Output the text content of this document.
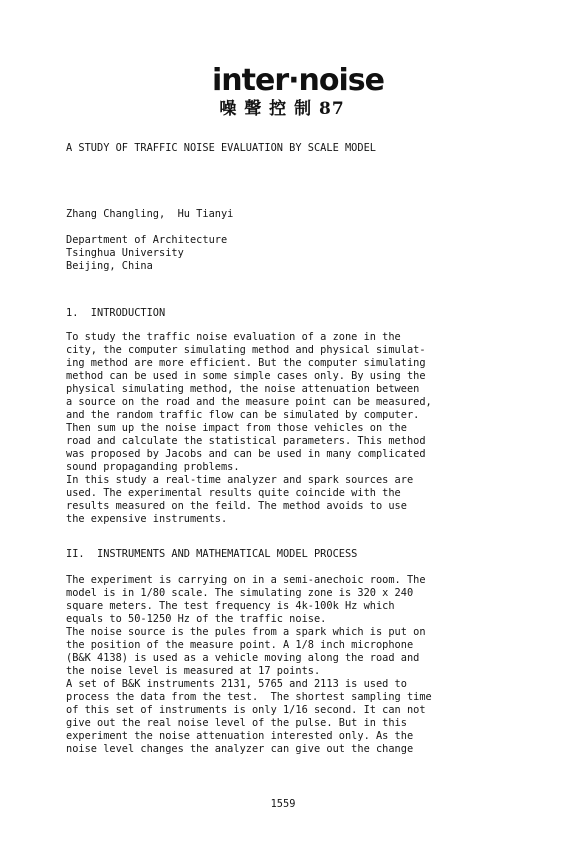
inter·noise
噪 聲 控 制 87
A STUDY OF TRAFFIC NOISE EVALUATION BY SCALE MODEL
Zhang Changling,  Hu Tianyi
Department of Architecture
Tsinghua University
Beijing, China
1.  INTRODUCTION
To study the traffic noise evaluation of a zone in the
city, the computer simulating method and physical simulat-
ing method are more efficient. But the computer simulating
method can be used in some simple cases only. By using the
physical simulating method, the noise attenuation between
a source on the road and the measure point can be measured,
and the random traffic flow can be simulated by computer.
Then sum up the noise impact from those vehicles on the
road and calculate the statistical parameters. This method
was proposed by Jacobs and can be used in many complicated
sound propaganding problems.
In this study a real-time analyzer and spark sources are
used. The experimental results quite coincide with the
results measured on the feild. The method avoids to use
the expensive instruments.
II.  INSTRUMENTS AND MATHEMATICAL MODEL PROCESS
The experiment is carrying on in a semi-anechoic room. The
model is in 1/80 scale. The simulating zone is 320 x 240
square meters. The test frequency is 4k-100k Hz which
equals to 50-1250 Hz of the traffic noise.
The noise source is the pules from a spark which is put on
the position of the measure point. A 1/8 inch microphone
(B&K 4138) is used as a vehicle moving along the road and
the noise level is measured at 17 points.
A set of B&K instruments 2131, 5765 and 2113 is used to
process the data from the test.  The shortest sampling time
of this set of instruments is only 1/16 second. It can not
give out the real noise level of the pulse. But in this
experiment the noise attenuation interested only. As the
noise level changes the analyzer can give out the change
1559
